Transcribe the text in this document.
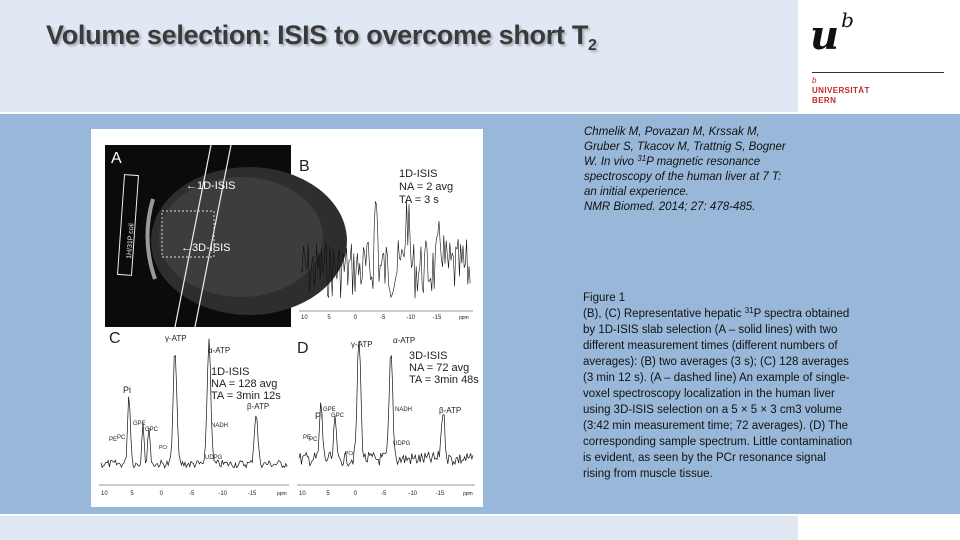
Volume selection: ISIS to overcome short $T_2$	u $^b$
b
UNIVERSITÄT
BERN
1H/31P coil
A
←1D-ISIS
←3D-ISIS
B	1D-ISIS
NA = 2 avg
TA = 3 s
10	5	0	-5	-10	-15	ppm
C
1D-ISIS
NA = 128 avg
TA = 3min 12s
γ-ATP
α-ATP
β-ATP
Pi
PE PC
GPE
GPC
PCr
NADH
UDPG
10	5	0	-5	-10	-15	ppm
D	3D-ISIS
NA = 72 avg
TA = 3min 48s
γ-ATP	α-ATP
β-ATP
Pi
PE
PC
GPE
GPC
PCr
NADH
UDPG
10	5	0	-5	-10	-15	ppm
Chmelik M, Povazan M, Krssak M,
Gruber S, Tkacov M, Trattnig S, Bogner
W. In vivo $^{31}$P magnetic resonance
spectroscopy of the human liver at 7 T:
an initial experience.
NMR Biomed. 2014; 27: 478-485.
Figure 1
(B), (C) Representative hepatic $^{31}$P spectra obtained
by 1D-ISIS slab selection (A – solid lines) with two
different measurement times (different numbers of
averages): (B) two averages (3 s); (C) 128 averages
(3 min 12 s). (A – dashed line) An example of single-
voxel spectroscopy localization in the human liver
using 3D-ISIS selection on a 5 × 5 × 3 cm3 volume
(3:42 min measurement time; 72 averages). (D) The
corresponding sample spectrum. Little contamination
is evident, as seen by the PCr resonance signal
rising from muscle tissue.
